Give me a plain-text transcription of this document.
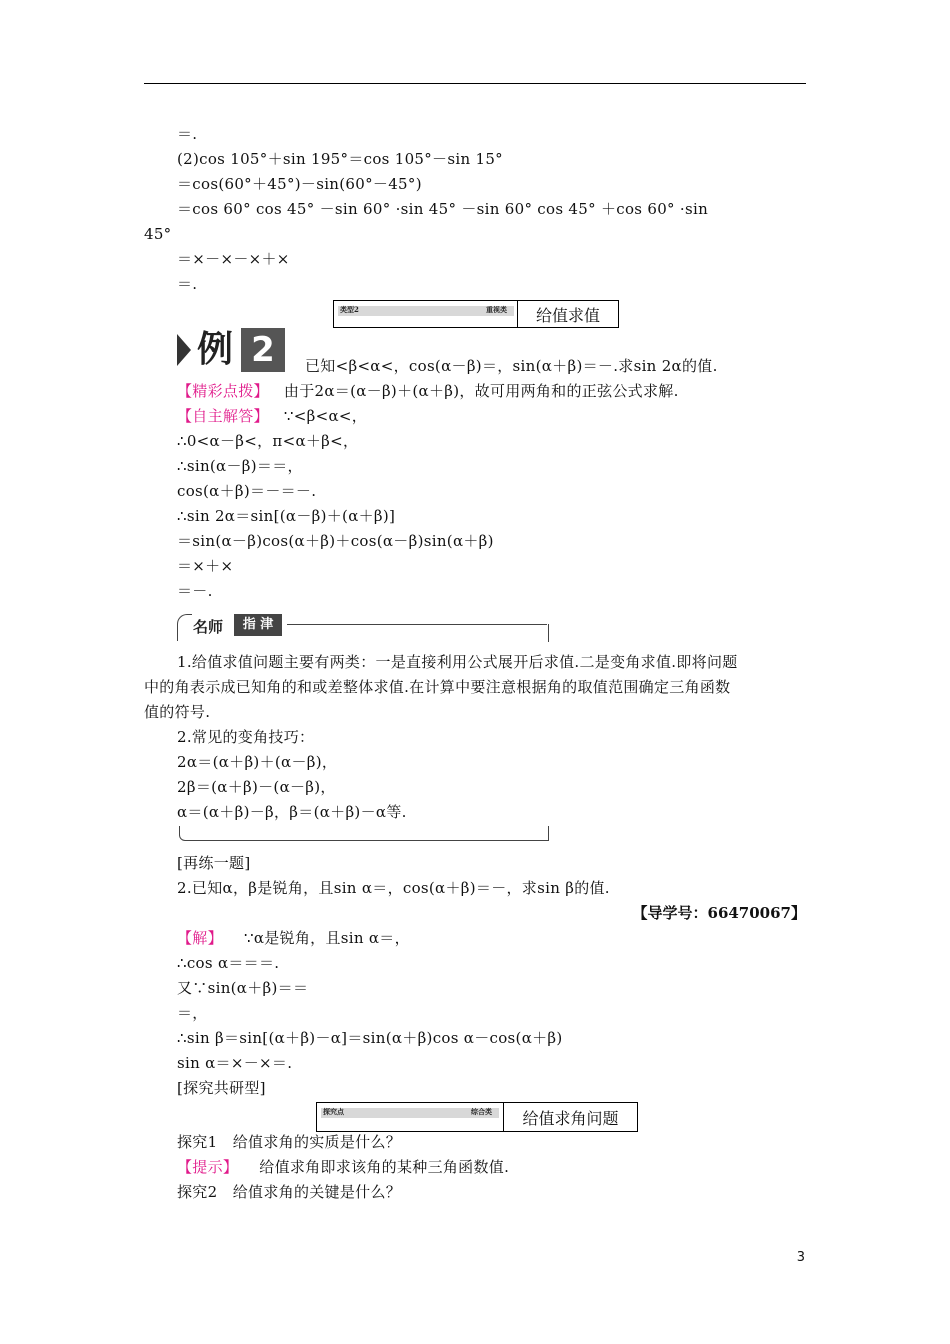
＝.
(2)cos 105°＋sin 195°＝cos 105°－sin 15°
＝cos(60°＋45°)－sin(60°－45°)
＝cos 60° cos 45° －sin 60° ·sin 45° －sin 60° cos 45° ＋cos 60° ·sin
45°
＝×－×－×＋×
＝.
类型2	重视类	给值求值
例 2	已知<β<α<，cos(α－β)＝，sin(α＋β)＝－.求sin 2α的值.
【精彩点拨】 由于2α＝(α－β)＋(α＋β)，故可用两角和的正弦公式求解.
【自主解答】 ∵<β<α<，
∴0<α－β<，π<α＋β<，
∴sin(α－β)＝＝，
cos(α＋β)＝－＝－.
∴sin 2α＝sin[(α－β)＋(α＋β)]
＝sin(α－β)cos(α＋β)＋cos(α－β)sin(α＋β)
＝×＋×
＝－.
名师	指 津
1.给值求值问题主要有两类：一是直接利用公式展开后求值.二是变角求值.即将问题
中的角表示成已知角的和或差整体求值.在计算中要注意根据角的取值范围确定三角函数
值的符号.
2.常见的变角技巧：
2α＝(α＋β)＋(α－β)，
2β＝(α＋β)－(α－β)，
α＝(α＋β)－β，β＝(α＋β)－α等.
[再练一题]
2.已知α，β是锐角，且sin α＝，cos(α＋β)＝－，求sin β的值.
【导学号：66470067】
【解】 ∵α是锐角，且sin α＝，
∴cos α＝＝＝.
又∵sin(α＋β)＝＝
＝，
∴sin β＝sin[(α＋β)－α]＝sin(α＋β)cos α－cos(α＋β)
sin α＝×－×＝.
[探究共研型]
探究点	综合类	给值求角问题
探究1　给值求角的实质是什么？
【提示】 给值求角即求该角的某种三角函数值.
探究2　给值求角的关键是什么？
3
